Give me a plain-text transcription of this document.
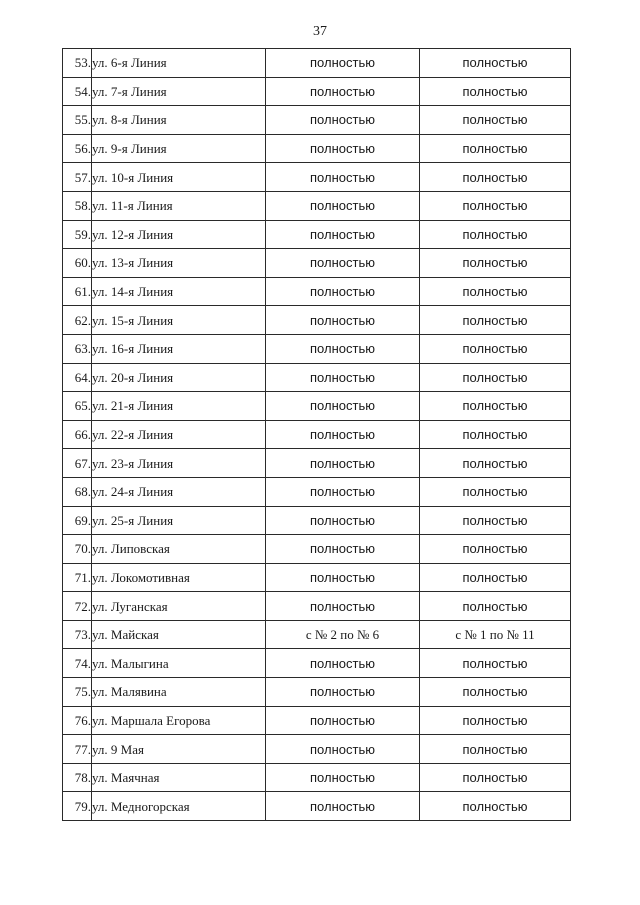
37
53.	ул. 6-я Линия	полностью	полностью
54.	ул. 7-я Линия	полностью	полностью
55.	ул. 8-я Линия	полностью	полностью
56.	ул. 9-я Линия	полностью	полностью
57.	ул. 10-я Линия	полностью	полностью
58.	ул. 11-я Линия	полностью	полностью
59.	ул. 12-я Линия	полностью	полностью
60.	ул. 13-я Линия	полностью	полностью
61.	ул. 14-я Линия	полностью	полностью
62.	ул. 15-я Линия	полностью	полностью
63.	ул. 16-я Линия	полностью	полностью
64.	ул. 20-я Линия	полностью	полностью
65.	ул. 21-я Линия	полностью	полностью
66.	ул. 22-я Линия	полностью	полностью
67.	ул. 23-я Линия	полностью	полностью
68.	ул. 24-я Линия	полностью	полностью
69.	ул. 25-я Линия	полностью	полностью
70.	ул. Липовская	полностью	полностью
71.	ул. Локомотивная	полностью	полностью
72.	ул. Луганская	полностью	полностью
73.	ул. Майская	с № 2 по № 6	с № 1 по № 11
74.	ул. Малыгина	полностью	полностью
75.	ул. Малявина	полностью	полностью
76.	ул. Маршала Егорова	полностью	полностью
77.	ул. 9 Мая	полностью	полностью
78.	ул. Маячная	полностью	полностью
79.	ул. Медногорская	полностью	полностью
